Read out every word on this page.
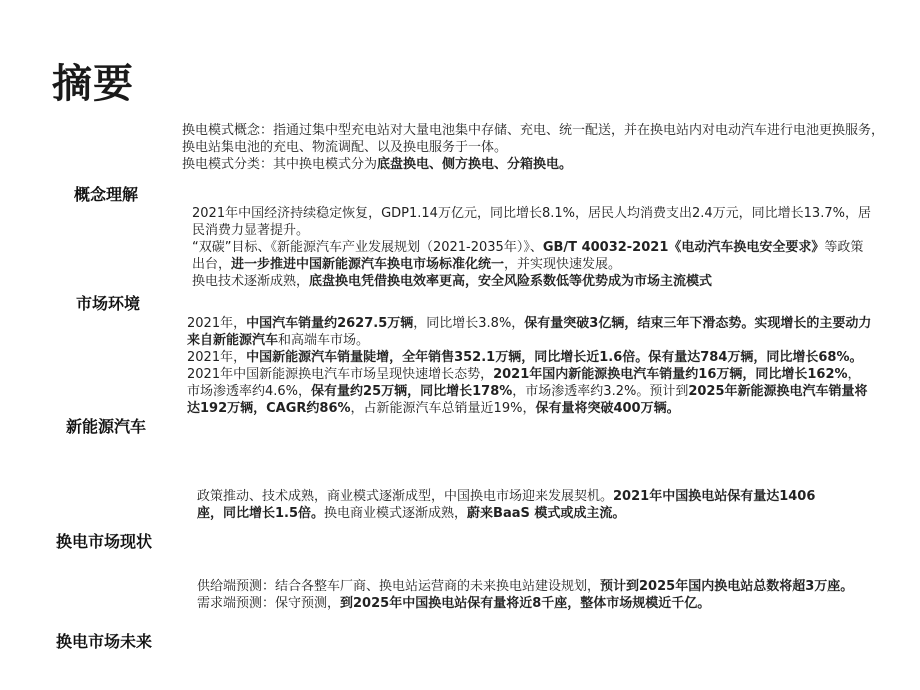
摘要
概念理解

换电模式概念：指通过集中型充电站对大量电池集中存储、充电、统一配送，并在换电站内对电动汽车进行电池更换服务，换电站集电池的充电、物流调配、以及换电服务于一体。

换电模式分类：其中换电模式分为底盘换电、侧方换电、分箱换电。

市场环境

2021年中国经济持续稳定恢复，GDP1.14万亿元，同比增长8.1%，居民人均消费支出2.4万元，同比增长13.7%，居民消费力显著提升。

“双碳”目标、《新能源汽车产业发展规划（2021-2035年）》、GB/T 40032-2021《电动汽车换电安全要求》等政策出台，进一步推进中国新能源汽车换电市场标准化统一，并实现快速发展。

换电技术逐渐成熟，底盘换电凭借换电效率更高，安全风险系数低等优势成为市场主流模式

新能源汽车

2021年，中国汽车销量约2627.5万辆，同比增长3.8%，保有量突破3亿辆，结束三年下滑态势。实现增长的主要动力来自新能源汽车和高端车市场。

2021年，中国新能源汽车销量陡增，全年销售352.1万辆，同比增长近1.6倍。保有量达784万辆，同比增长68%。

2021年中国新能源换电汽车市场呈现快速增长态势，2021年国内新能源换电汽车销量约16万辆，同比增长162%，市场渗透率约4.6%，保有量约25万辆，同比增长178%，市场渗透率约3.2%。预计到2025年新能源换电汽车销量将达192万辆，CAGR约86%，占新能源汽车总销量近19%，保有量将突破400万辆。

换电市场现状

政策推动、技术成熟，商业模式逐渐成型，中国换电市场迎来发展契机。2021年中国换电站保有量达1406座，同比增长1.5倍。换电商业模式逐渐成熟，蔚来BaaS 模式或成主流。

换电市场未来

供给端预测：结合各整车厂商、换电站运营商的未来换电站建设规划，预计到2025年国内换电站总数将超3万座。

需求端预测：保守预测，到2025年中国换电站保有量将近8千座，整体市场规模近千亿。
